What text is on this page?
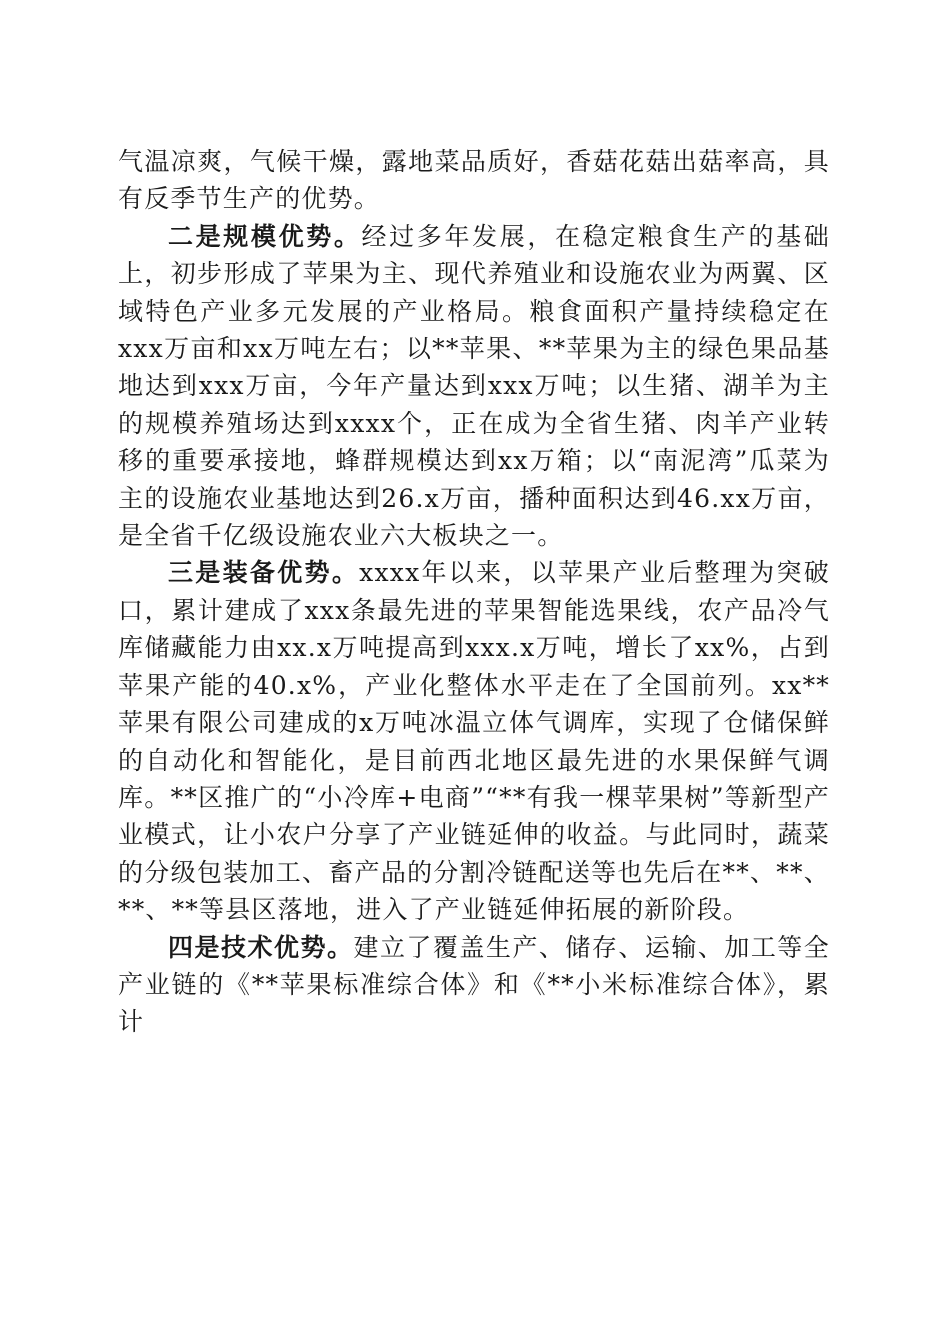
气温凉爽，气候干燥，露地菜品质好，香菇花菇出菇率高，具有反季节生产的优势。

二是规模优势。经过多年发展，在稳定粮食生产的基础上，初步形成了苹果为主、现代养殖业和设施农业为两翼、区域特色产业多元发展的产业格局。粮食面积产量持续稳定在xxx万亩和xx万吨左右；以**苹果、**苹果为主的绿色果品基地达到xxx万亩，今年产量达到xxx万吨；以生猪、湖羊为主的规模养殖场达到xxxx个，正在成为全省生猪、肉羊产业转移的重要承接地，蜂群规模达到xx万箱；以“南泥湾”瓜菜为主的设施农业基地达到26.x万亩，播种面积达到46.xx万亩，是全省千亿级设施农业六大板块之一。

三是装备优势。xxxx年以来，以苹果产业后整理为突破口，累计建成了xxx条最先进的苹果智能选果线，农产品冷气库储藏能力由xx.x万吨提高到xxx.x万吨，增长了xx%，占到苹果产能的40.x%，产业化整体水平走在了全国前列。xx**苹果有限公司建成的x万吨冰温立体气调库，实现了仓储保鲜的自动化和智能化，是目前西北地区最先进的水果保鲜气调库。**区推广的“小冷库+电商”“**有我一棵苹果树”等新型产业模式，让小农户分享了产业链延伸的收益。与此同时，蔬菜的分级包装加工、畜产品的分割冷链配送等也先后在**、**、**、**等县区落地，进入了产业链延伸拓展的新阶段。

四是技术优势。建立了覆盖生产、储存、运输、加工等全产业链的《**苹果标准综合体》和《**小米标准综合体》，累计
